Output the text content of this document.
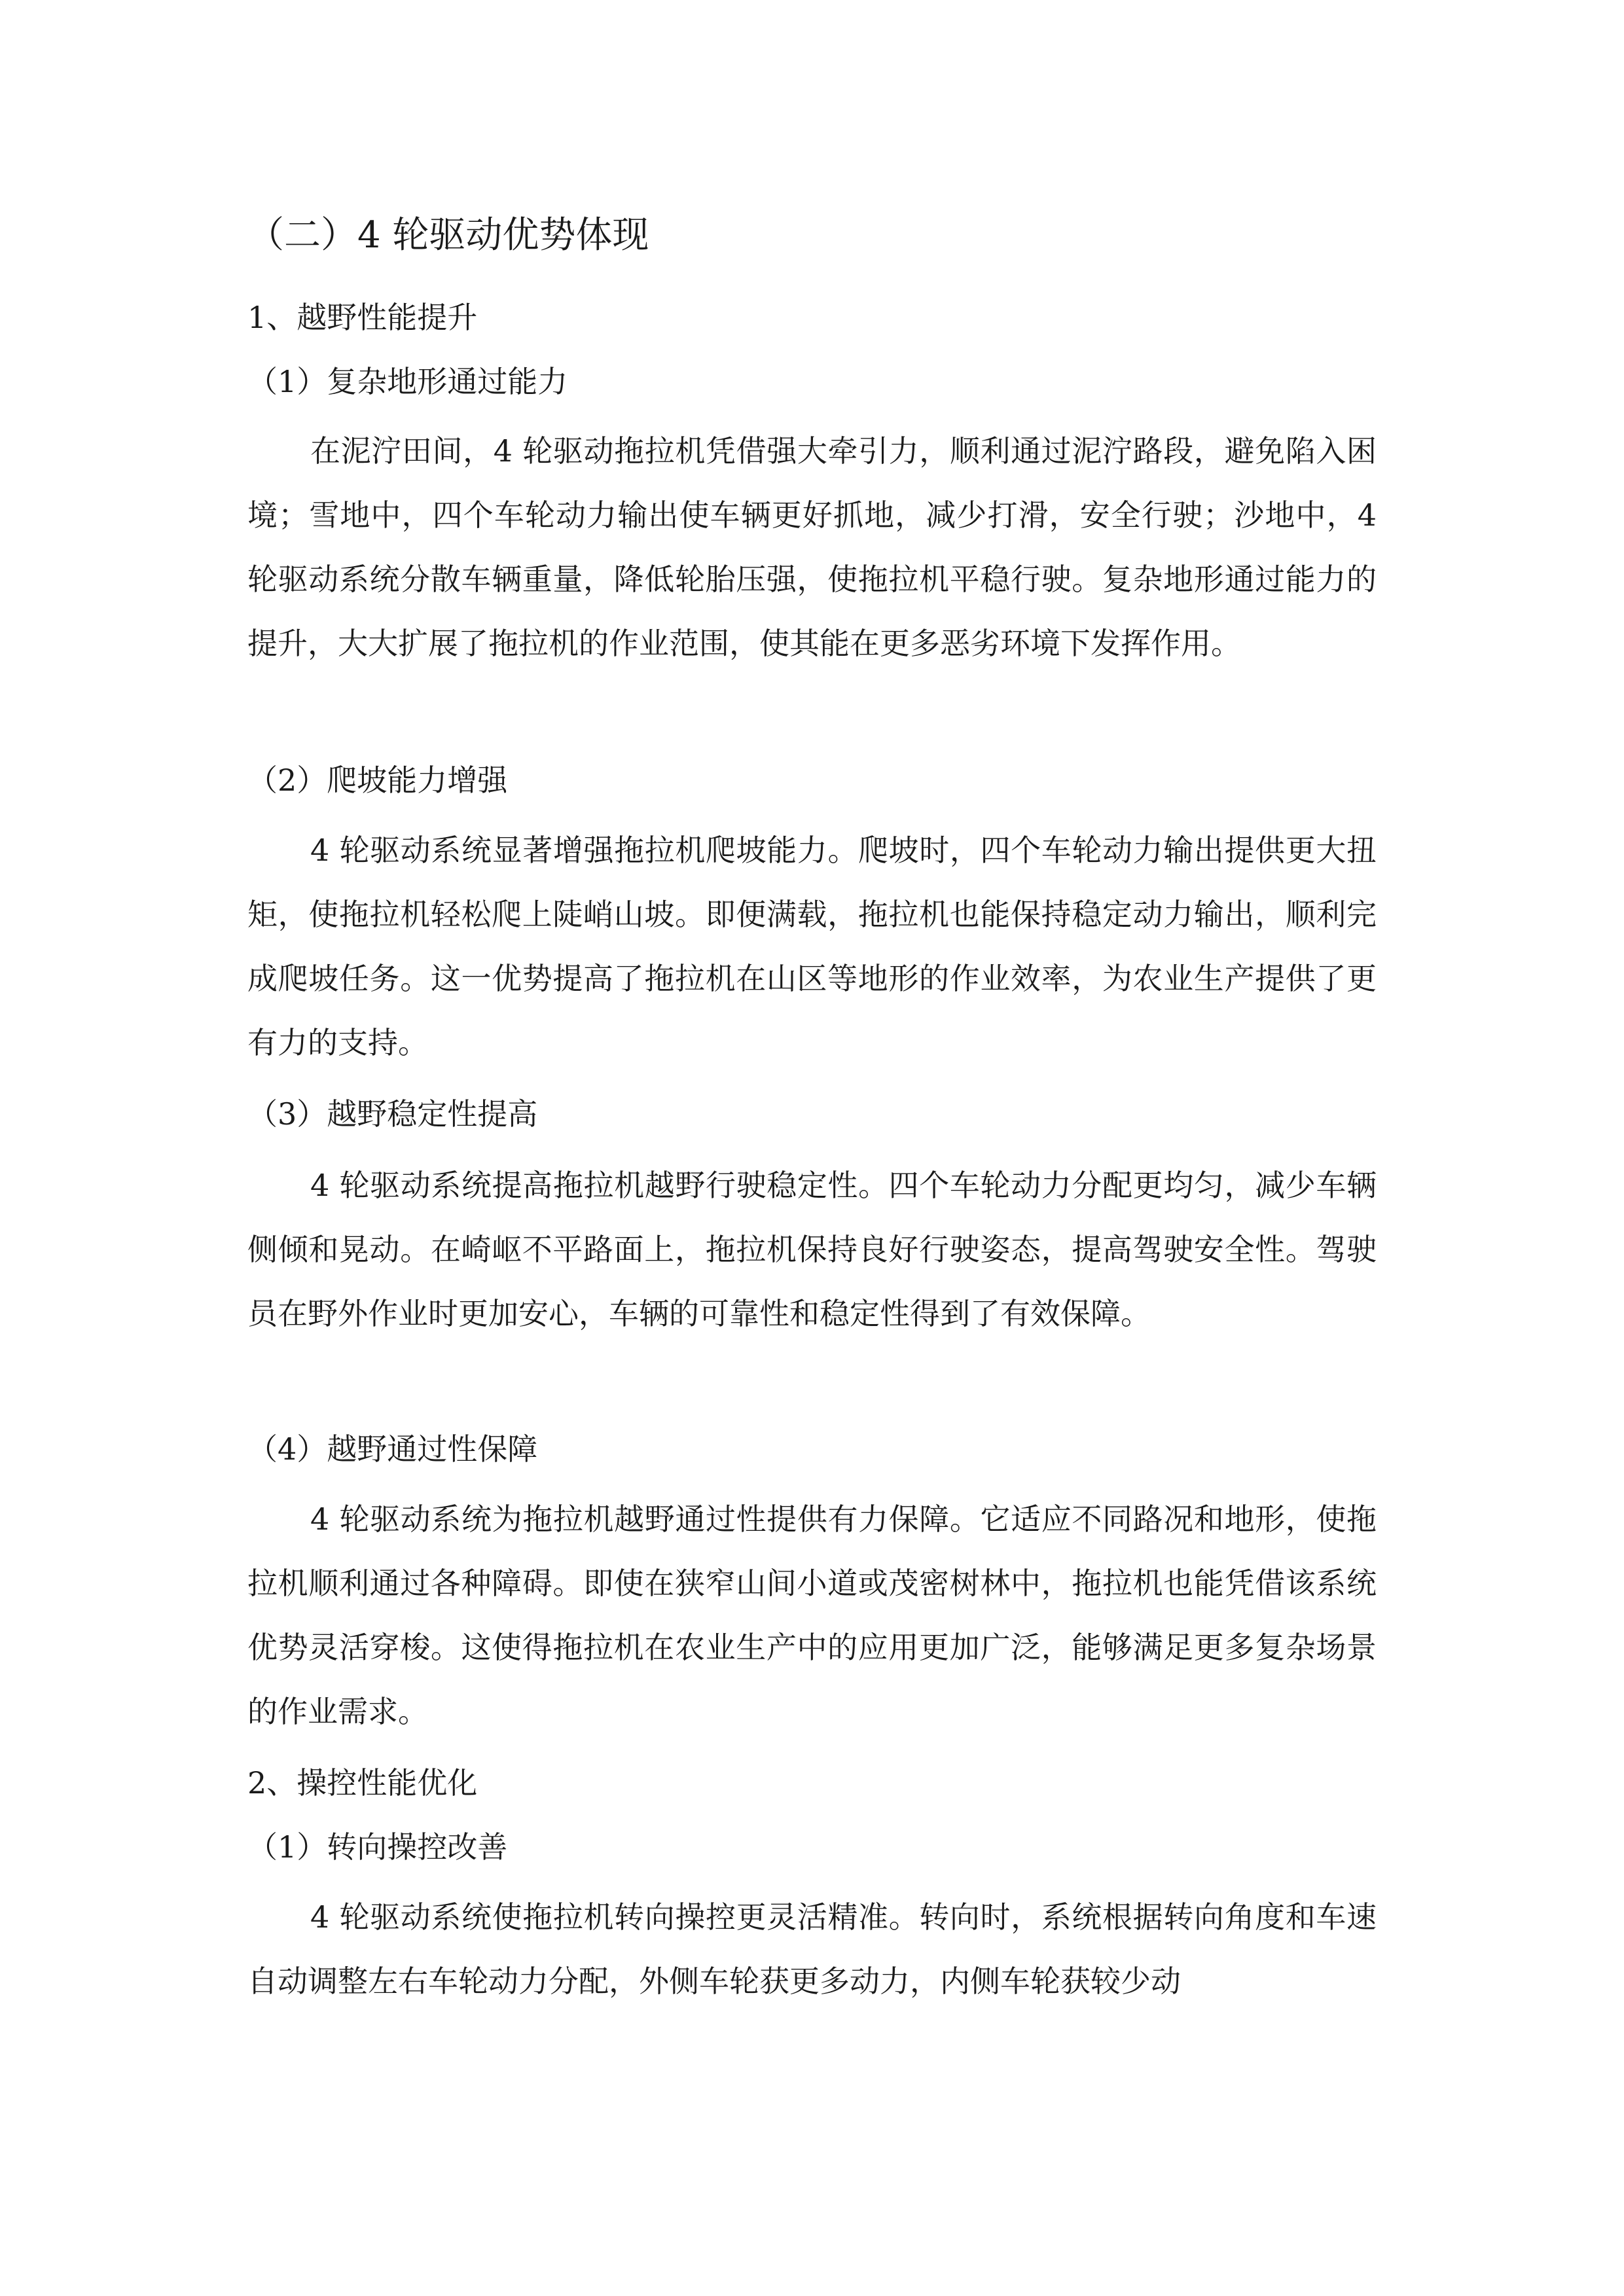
（二）4 轮驱动优势体现

1、越野性能提升

（1）复杂地形通过能力

在泥泞田间，4 轮驱动拖拉机凭借强大牵引力，顺利通过泥泞路段，避免陷入困境；雪地中，四个车轮动力输出使车辆更好抓地，减少打滑，安全行驶；沙地中，4 轮驱动系统分散车辆重量，降低轮胎压强，使拖拉机平稳行驶。复杂地形通过能力的提升，大大扩展了拖拉机的作业范围，使其能在更多恶劣环境下发挥作用。

（2）爬坡能力增强

4 轮驱动系统显著增强拖拉机爬坡能力。爬坡时，四个车轮动力输出提供更大扭矩，使拖拉机轻松爬上陡峭山坡。即便满载，拖拉机也能保持稳定动力输出，顺利完成爬坡任务。这一优势提高了拖拉机在山区等地形的作业效率，为农业生产提供了更有力的支持。

（3）越野稳定性提高

4 轮驱动系统提高拖拉机越野行驶稳定性。四个车轮动力分配更均匀，减少车辆侧倾和晃动。在崎岖不平路面上，拖拉机保持良好行驶姿态，提高驾驶安全性。驾驶员在野外作业时更加安心，车辆的可靠性和稳定性得到了有效保障。

（4）越野通过性保障

4 轮驱动系统为拖拉机越野通过性提供有力保障。它适应不同路况和地形，使拖拉机顺利通过各种障碍。即使在狭窄山间小道或茂密树林中，拖拉机也能凭借该系统优势灵活穿梭。这使得拖拉机在农业生产中的应用更加广泛，能够满足更多复杂场景的作业需求。

2、操控性能优化

（1）转向操控改善

4 轮驱动系统使拖拉机转向操控更灵活精准。转向时，系统根据转向角度和车速自动调整左右车轮动力分配，外侧车轮获更多动力，内侧车轮获较少动
